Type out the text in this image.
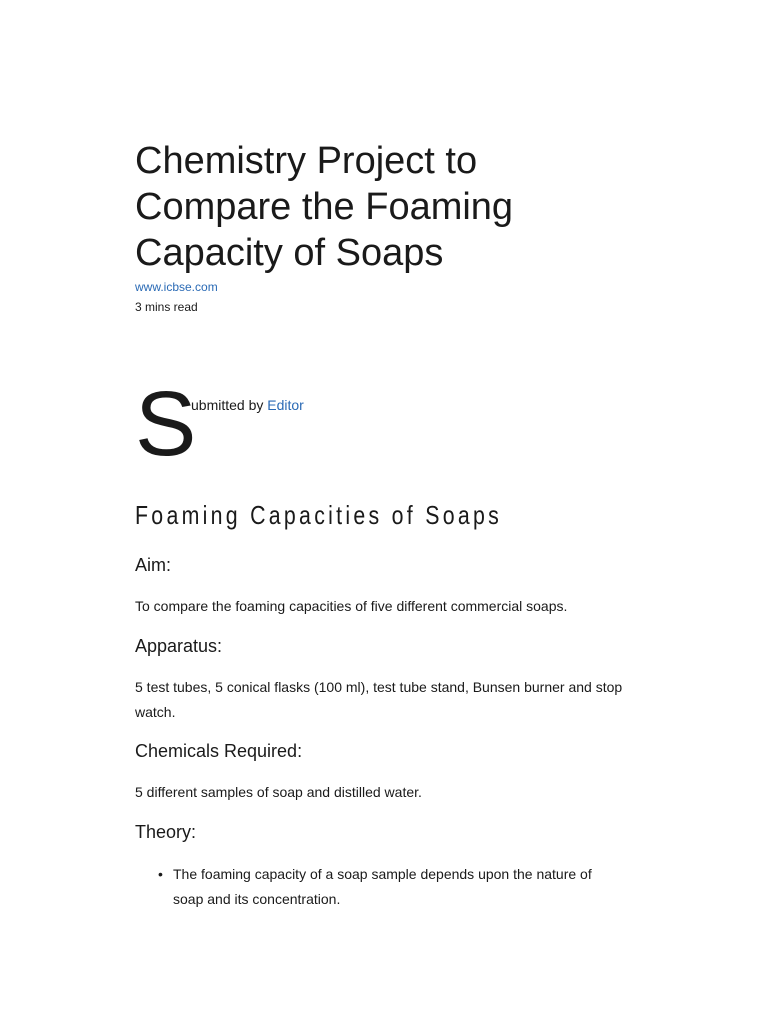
Chemistry Project to Compare the Foaming Capacity of Soaps
www.icbse.com
3 mins read
S
ubmitted by Editor
Foaming Capacities of Soaps
Aim:

To compare the foaming capacities of five different commercial soaps.

Apparatus:

5 test tubes, 5 conical flasks (100 ml), test tube stand, Bunsen burner and stop watch.

Chemicals Required:

5 different samples of soap and distilled water.

Theory:
• The foaming capacity of a soap sample depends upon the nature of soap and its concentration.
